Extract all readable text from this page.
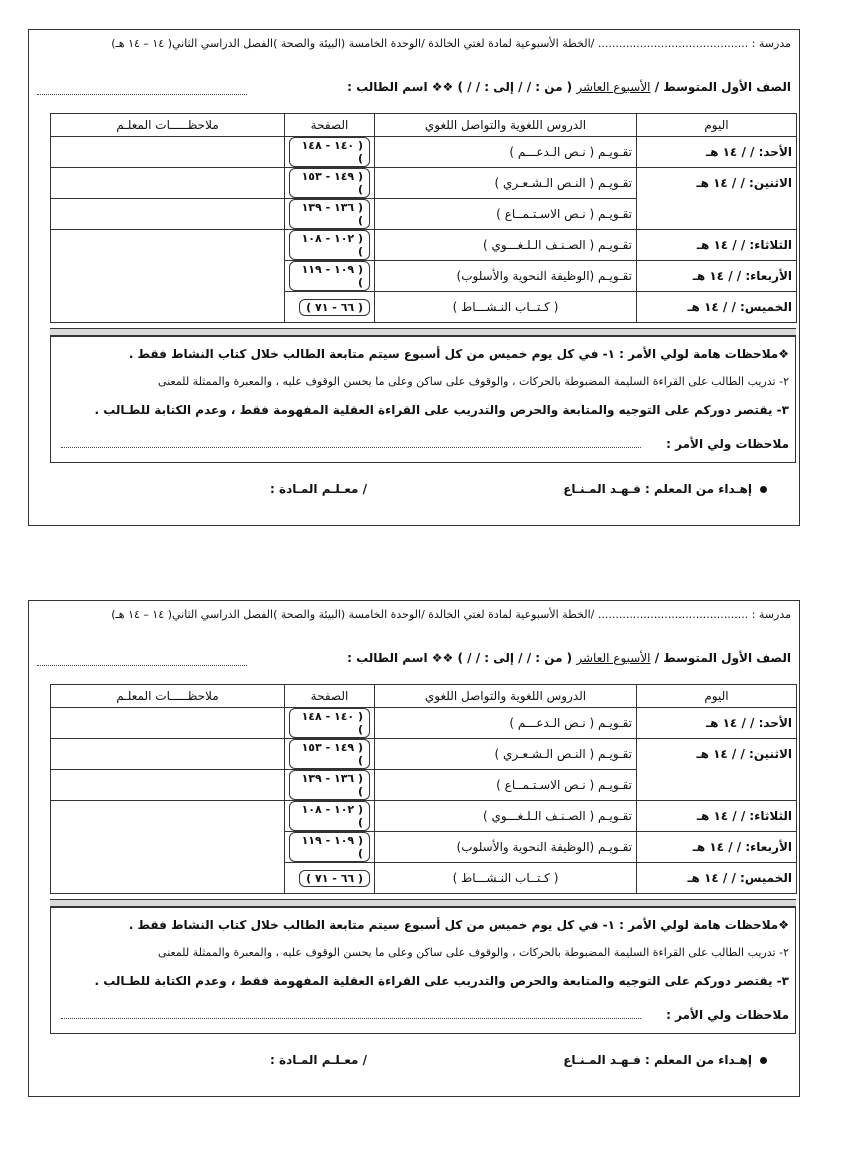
مدرسة : ........................................... /الخطة الأسبوعية لمادة لغتي الخالدة /الوحدة الخامسة (البيئة والصحة )الفصل الدراسي الثاني( ١٤ – ١٤ هـ)
الصف الأول المتوسط / الأسبوع العاشر ( من : / / إلى : / / ) ❖❖ اسم الطالب :
اليوم	الدروس اللغوية والتواصل اللغوي	الصفحة	ملاحظـــــات المعلـم
الأحد: / / ١٤ هـ	تقـويـم ( نـص الـدعـــم )	( ١٤٠ - ١٤٨ )	
الاثنين: / / ١٤ هـ	تقـويـم ( النـص الـشـعـري )	( ١٤٩ - ١٥٣ )	
	تقـويـم ( نـص الاسـتـمــاع )	( ١٣٦ - ١٣٩ )	
الثلاثاء: / / ١٤ هـ	تقـويـم ( الصـنـف الـلـغـــوي )	( ١٠٢ - ١٠٨ )	
الأربعاء: / / ١٤ هـ	تقـويـم (الوظيفة النحوية والأسلوب)	( ١٠٩ - ١١٩ )	
الخميس: / / ١٤ هـ	( كـتــاب النـشـــاط )	( ٦٦ - ٧١ )	
❖ملاحظات هامة لولي الأمر : ١- في كل يوم خميس من كل أسبوع سيتم متابعة الطالب خلال كتاب النشاط فقط .
٢- تدريب الطالب على القراءة السليمة المضبوطة بالحركات ، والوقوف على ساكن وعلى ما يحسن الوقوف عليه ، والمعبرة والممثلة للمعنى
٣- يقتصر دوركم على التوجيه والمتابعة والحرص والتدريب على القراءة العقلية المفهومة فقط ، وعدم الكتابة للطـالب .
ملاحظات ولي الأمر :
إهـداء من المعلم : فـهـد المـنـاع
/ معـلـم المـادة :
مدرسة : ........................................... /الخطة الأسبوعية لمادة لغتي الخالدة /الوحدة الخامسة (البيئة والصحة )الفصل الدراسي الثاني( ١٤ – ١٤ هـ)
الصف الأول المتوسط / الأسبوع العاشر ( من : / / إلى : / / ) ❖❖ اسم الطالب :
اليوم	الدروس اللغوية والتواصل اللغوي	الصفحة	ملاحظـــــات المعلـم
الأحد: / / ١٤ هـ	تقـويـم ( نـص الـدعـــم )	( ١٤٠ - ١٤٨ )	
الاثنين: / / ١٤ هـ	تقـويـم ( النـص الـشـعـري )	( ١٤٩ - ١٥٣ )	
	تقـويـم ( نـص الاسـتـمــاع )	( ١٣٦ - ١٣٩ )	
الثلاثاء: / / ١٤ هـ	تقـويـم ( الصـنـف الـلـغـــوي )	( ١٠٢ - ١٠٨ )	
الأربعاء: / / ١٤ هـ	تقـويـم (الوظيفة النحوية والأسلوب)	( ١٠٩ - ١١٩ )	
الخميس: / / ١٤ هـ	( كـتــاب النـشـــاط )	( ٦٦ - ٧١ )	
❖ملاحظات هامة لولي الأمر : ١- في كل يوم خميس من كل أسبوع سيتم متابعة الطالب خلال كتاب النشاط فقط .
٢- تدريب الطالب على القراءة السليمة المضبوطة بالحركات ، والوقوف على ساكن وعلى ما يحسن الوقوف عليه ، والمعبرة والممثلة للمعنى
٣- يقتصر دوركم على التوجيه والمتابعة والحرص والتدريب على القراءة العقلية المفهومة فقط ، وعدم الكتابة للطـالب .
ملاحظات ولي الأمر :
إهـداء من المعلم : فـهـد المـنـاع
/ معـلـم المـادة :
